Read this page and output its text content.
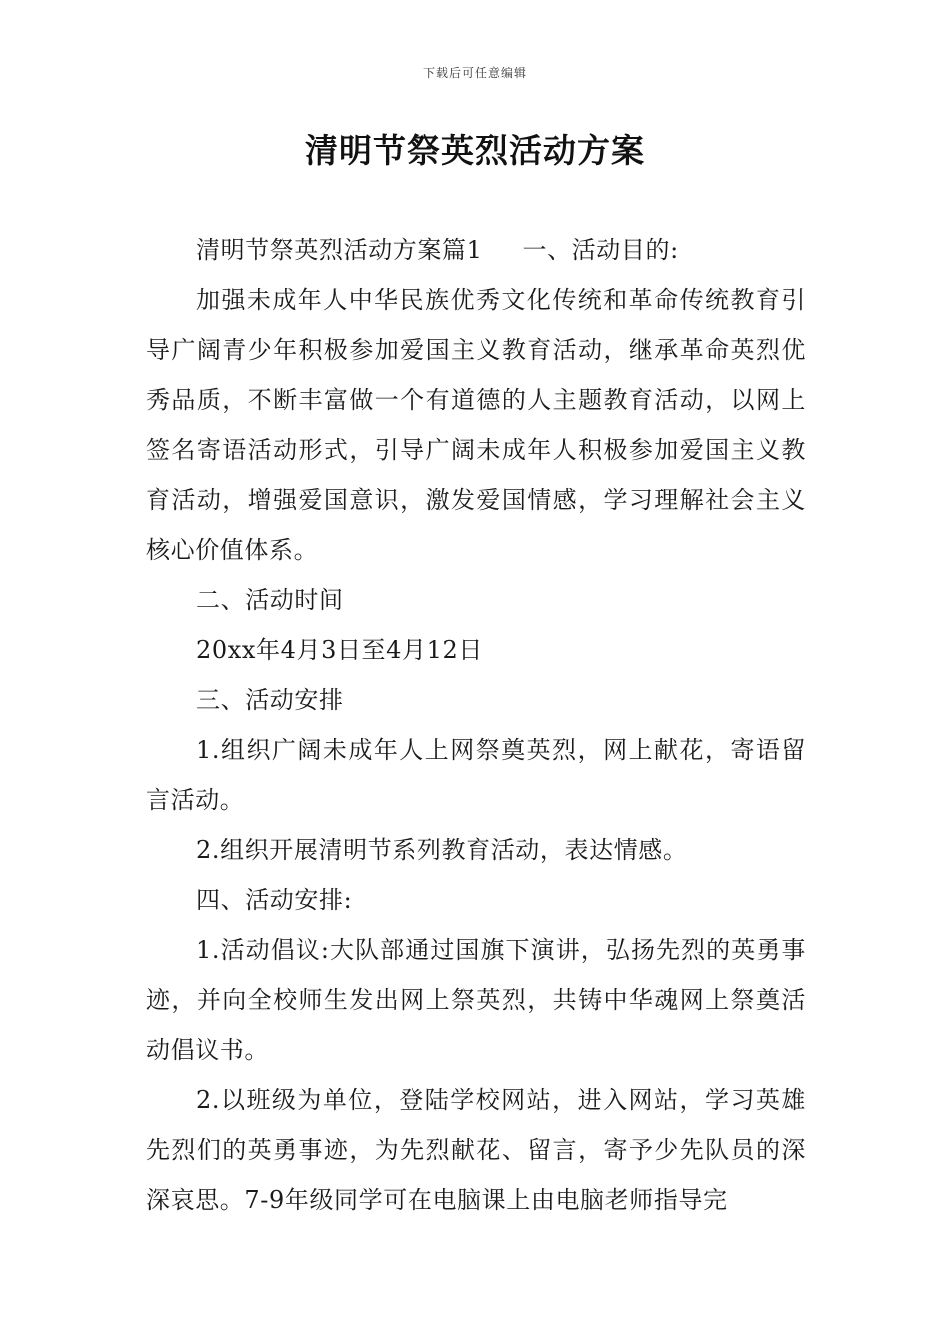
下载后可任意编辑
清明节祭英烈活动方案

清明节祭英烈活动方案篇1 一、活动目的:

加强未成年人中华民族优秀文化传统和革命传统教育引导广阔青少年积极参加爱国主义教育活动，继承革命英烈优秀品质，不断丰富做一个有道德的人主题教育活动，以网上签名寄语活动形式，引导广阔未成年人积极参加爱国主义教育活动，增强爱国意识，激发爱国情感，学习理解社会主义核心价值体系。

二、活动时间

20xx年4月3日至4月12日

三、活动安排

1.组织广阔未成年人上网祭奠英烈，网上献花，寄语留言活动。

2.组织开展清明节系列教育活动，表达情感。

四、活动安排:

1.活动倡议:大队部通过国旗下演讲，弘扬先烈的英勇事迹，并向全校师生发出网上祭英烈，共铸中华魂网上祭奠活动倡议书。

2.以班级为单位，登陆学校网站，进入网站，学习英雄先烈们的英勇事迹，为先烈献花、留言，寄予少先队员的深深哀思。7-9年级同学可在电脑课上由电脑老师指导完
